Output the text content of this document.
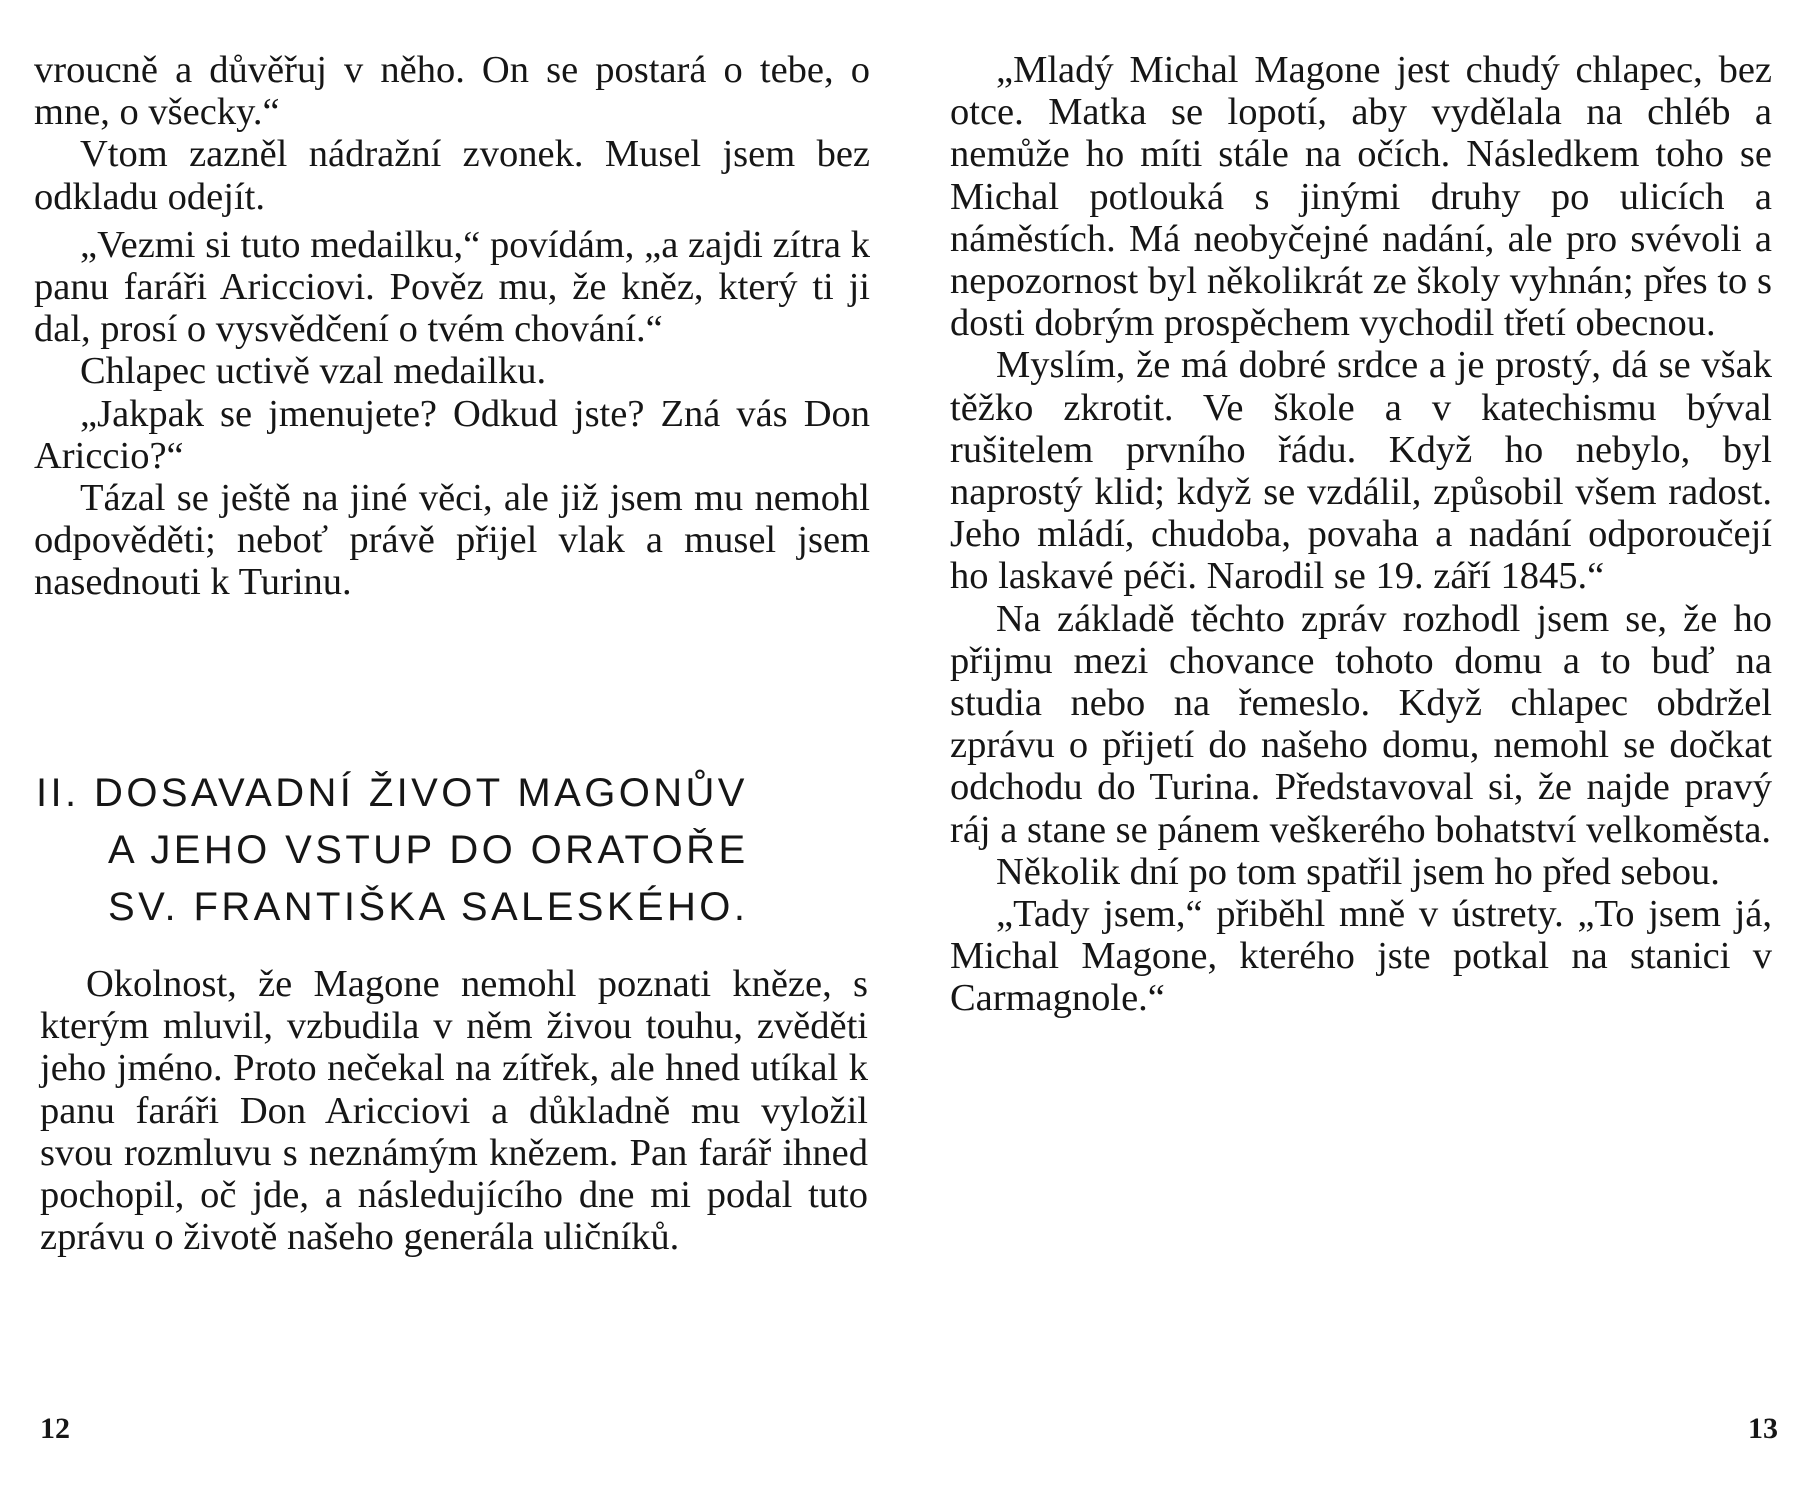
vroucně a důvěřuj v něho. On se postará o tebe, o mne, o všecky.“

Vtom zazněl nádražní zvonek. Musel jsem bez odkladu odejít.

„Vezmi si tuto medailku,“ povídám, „a zajdi zítra k panu faráři Aricciovi. Pověz mu, že kněz, který ti ji dal, prosí o vysvědčení o tvém chování.“

Chlapec uctivě vzal medailku.

„Jakpak se jmenujete? Odkud jste? Zná vás Don Ariccio?“

Tázal se ještě na jiné věci, ale již jsem mu nemohl odpověděti; neboť právě přijel vlak a musel jsem nasednouti k Turinu.

II. DOSAVADNÍ ŽIVOT MAGONŮV
A JEHO VSTUP DO ORATOŘE
SV. FRANTIŠKA SALESKÉHO.

Okolnost, že Magone nemohl poznati kněze, s kterým mluvil, vzbudila v něm živou touhu, zvěděti jeho jméno. Proto nečekal na zítřek, ale hned utíkal k panu faráři Don Aricciovi a důkladně mu vyložil svou rozmluvu s neznámým knězem. Pan farář ihned pochopil, oč jde, a následujícího dne mi podal tuto zprávu o životě našeho generála uličníků.

12

„Mladý Michal Magone jest chudý chlapec, bez otce. Matka se lopotí, aby vydělala na chléb a nemůže ho míti stále na očích. Následkem toho se Michal potlouká s jinými druhy po ulicích a náměstích. Má neobyčejné nadání, ale pro svévoli a nepozornost byl několikrát ze školy vyhnán; přes to s dosti dobrým prospěchem vychodil třetí obecnou.

Myslím, že má dobré srdce a je prostý, dá se však těžko zkrotit. Ve škole a v katechismu býval rušitelem prvního řádu. Když ho nebylo, byl naprostý klid; když se vzdálil, způsobil všem radost. Jeho mládí, chudoba, povaha a nadání odporoučejí ho laskavé péči. Narodil se 19. září 1845.“

Na základě těchto zpráv rozhodl jsem se, že ho přijmu mezi chovance tohoto domu a to buď na studia nebo na řemeslo. Když chlapec obdržel zprávu o přijetí do našeho domu, nemohl se dočkat odchodu do Turina. Představoval si, že najde pravý ráj a stane se pánem veškerého bohatství velkoměsta.

Několik dní po tom spatřil jsem ho před sebou.

„Tady jsem,“ přiběhl mně v ústrety. „To jsem já, Michal Magone, kterého jste potkal na stanici v Carmagnole.“

13
